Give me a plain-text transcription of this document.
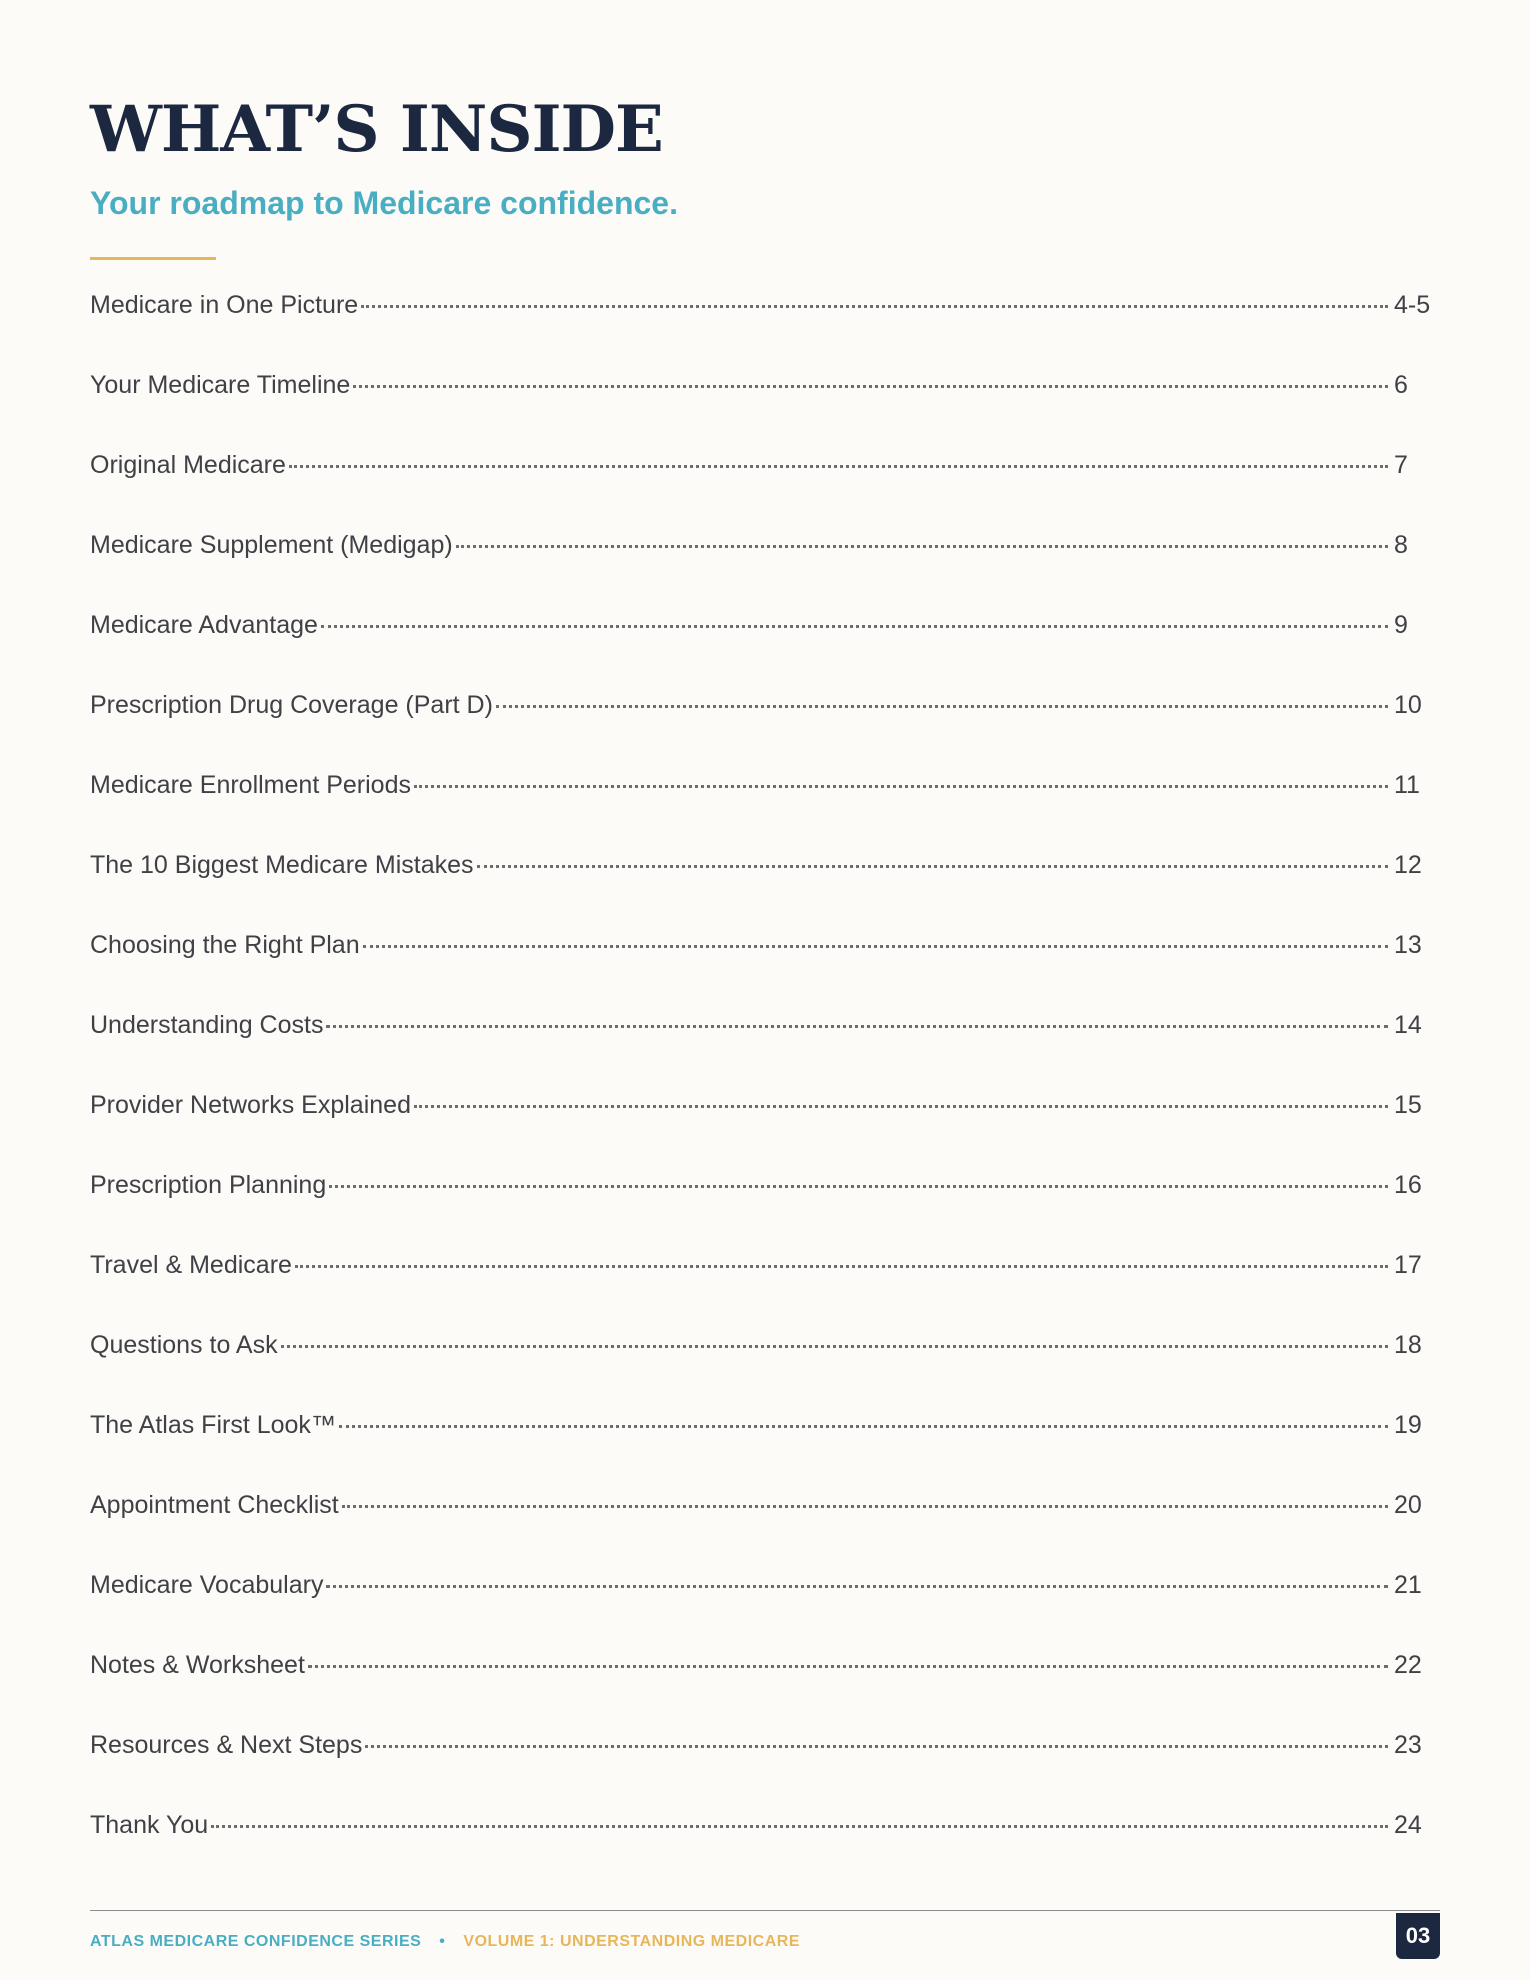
WHAT’S INSIDE
Your roadmap to Medicare confidence.
Medicare in One Picture	4-5
Your Medicare Timeline	6
Original Medicare	7
Medicare Supplement (Medigap)	8
Medicare Advantage	9
Prescription Drug Coverage (Part D)	10
Medicare Enrollment Periods	11
The 10 Biggest Medicare Mistakes	12
Choosing the Right Plan	13
Understanding Costs	14
Provider Networks Explained	15
Prescription Planning	16
Travel & Medicare	17
Questions to Ask	18
The Atlas First Look™	19
Appointment Checklist	20
Medicare Vocabulary	21
Notes & Worksheet	22
Resources & Next Steps	23
Thank You	24
ATLAS MEDICARE CONFIDENCE SERIES • VOLUME 1: UNDERSTANDING MEDICARE	03
